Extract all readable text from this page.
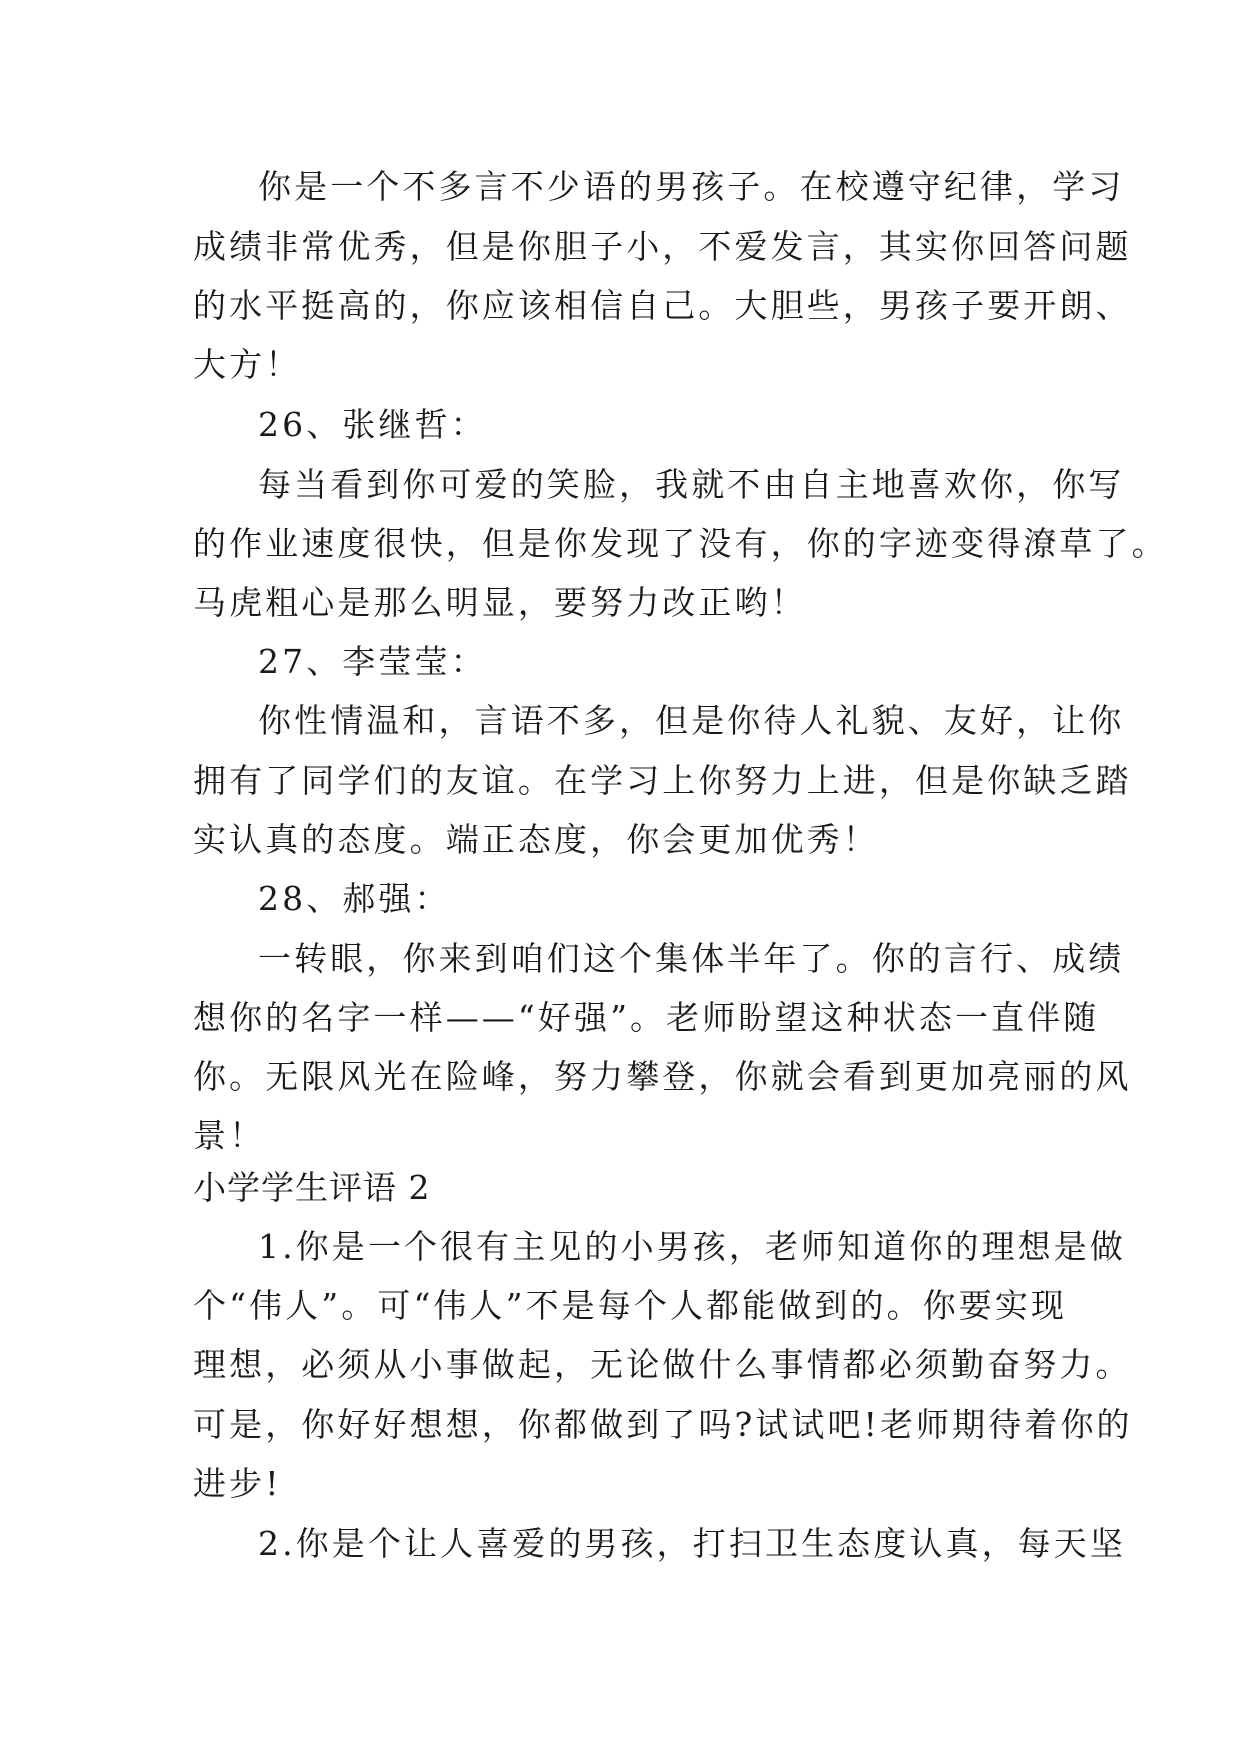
你是一个不多言不少语的男孩子。在校遵守纪律，学习
成绩非常优秀，但是你胆子小，不爱发言，其实你回答问题
的水平挺高的，你应该相信自己。大胆些，男孩子要开朗、
大方！
26、张继哲：
每当看到你可爱的笑脸，我就不由自主地喜欢你，你写
的作业速度很快，但是你发现了没有，你的字迹变得潦草了。
马虎粗心是那么明显，要努力改正哟！
27、李莹莹：
你性情温和，言语不多，但是你待人礼貌、友好，让你
拥有了同学们的友谊。在学习上你努力上进，但是你缺乏踏
实认真的态度。端正态度，你会更加优秀！
28、郝强：
一转眼，你来到咱们这个集体半年了。你的言行、成绩
想你的名字一样——“好强”。老师盼望这种状态一直伴随
你。无限风光在险峰，努力攀登，你就会看到更加亮丽的风
景！
小学学生评语 2
1.你是一个很有主见的小男孩，老师知道你的理想是做
个“伟人”。可“伟人”不是每个人都能做到的。你要实现
理想，必须从小事做起，无论做什么事情都必须勤奋努力。
可是，你好好想想，你都做到了吗?试试吧!老师期待着你的
进步!
2.你是个让人喜爱的男孩，打扫卫生态度认真，每天坚
